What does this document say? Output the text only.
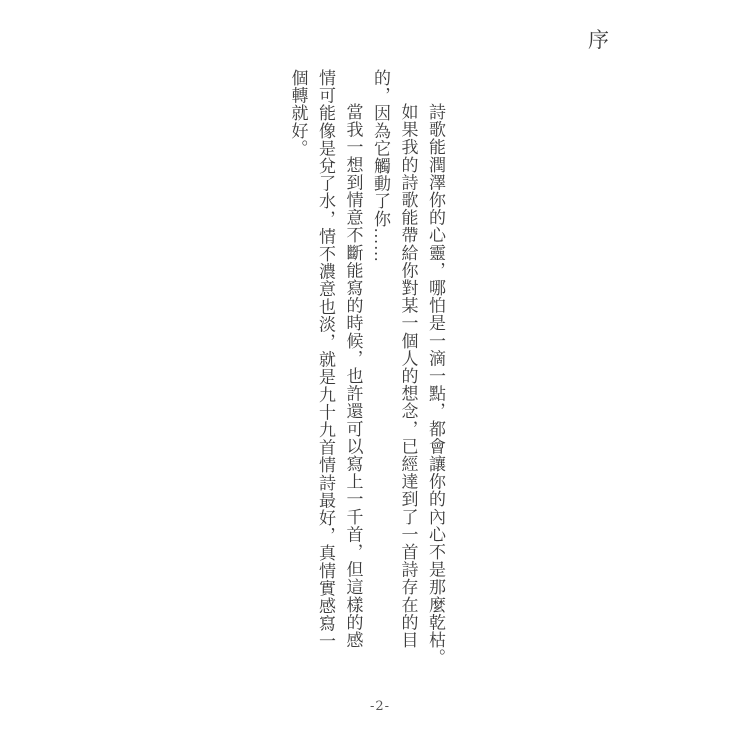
序
詩歌能潤澤你的心靈，哪怕是一滴一點，都會讓你的內心不是那麼乾枯。
如果我的詩歌能帶給你對某一個人的想念，已經達到了一首詩存在的目
的，因為它觸動了你……
當我一想到情意不斷能寫的時候，也許還可以寫上一千首，但這樣的感
情可能像是兌了水，情不濃意也淡，就是九十九首情詩最好，真情實感寫一
個轉就好。
-2-
